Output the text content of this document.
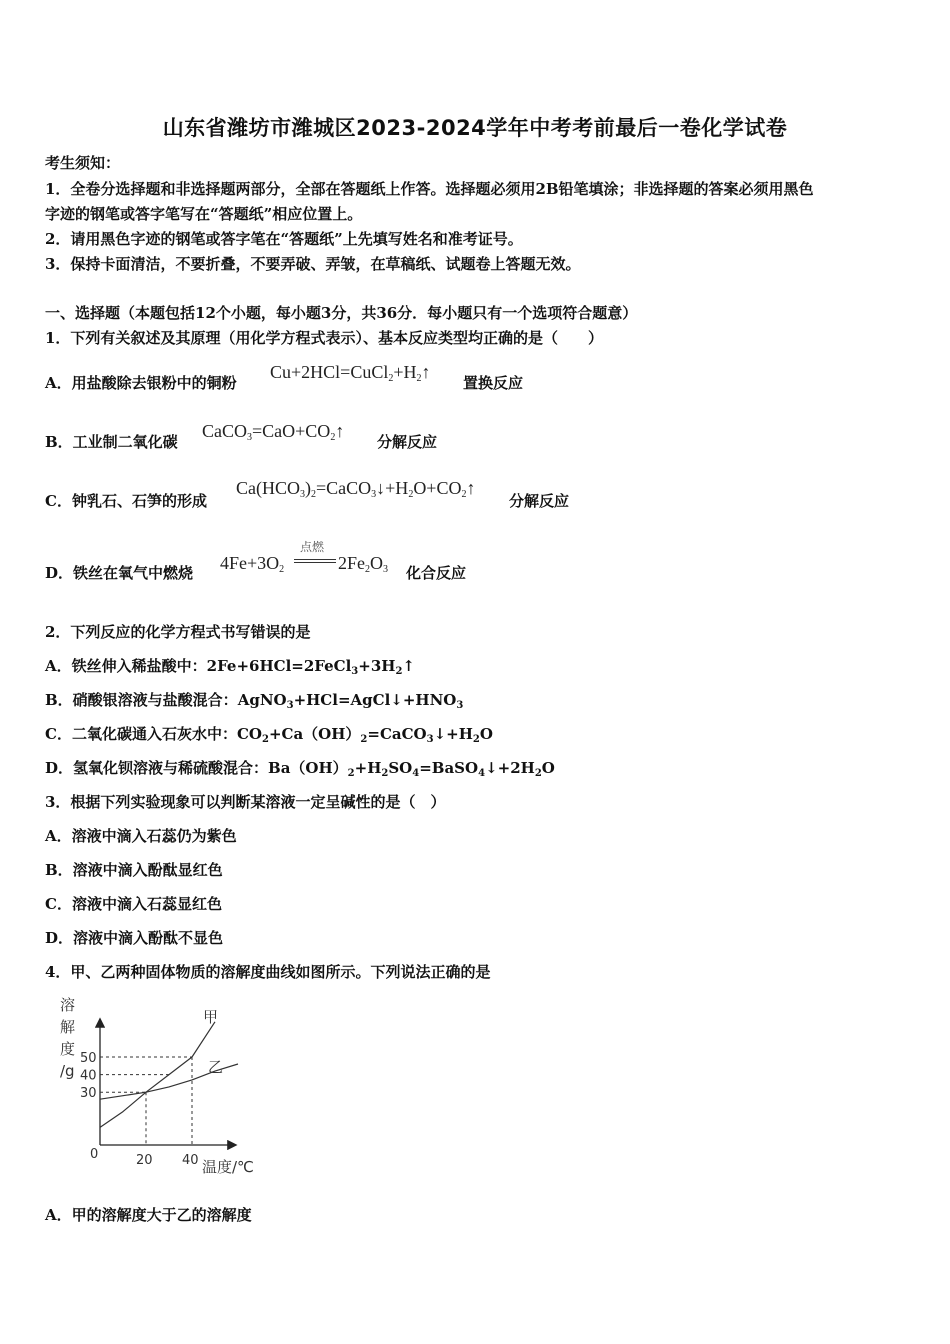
山东省潍坊市潍城区2023-2024学年中考考前最后一卷化学试卷
考生须知：
1．全卷分选择题和非选择题两部分，全部在答题纸上作答。选择题必须用2B铅笔填涂；非选择题的答案必须用黑色
字迹的钢笔或答字笔写在“答题纸”相应位置上。
2．请用黑色字迹的钢笔或答字笔在“答题纸”上先填写姓名和准考证号。
3．保持卡面清洁，不要折叠，不要弄破、弄皱，在草稿纸、试题卷上答题无效。
一、选择题（本题包括12个小题，每小题3分，共36分．每小题只有一个选项符合题意）
1．下列有关叙述及其原理（用化学方程式表示）、基本反应类型均正确的是（　　）
A．用盐酸除去银粉中的铜粉
$Cu+2HCl=CuCl_2+H_2↑$
置换反应
B．工业制二氧化碳
$CaCO_3=CaO+CO_2↑$
分解反应
C．钟乳石、石笋的形成
$Ca(HCO_3)_2=CaCO_3↓+H_2O+CO_2↑$
分解反应
D．铁丝在氧气中燃烧 $4Fe+3O_2$
点燃
$2Fe_2O_3$ 化合反应
2．下列反应的化学方程式书写错误的是
A．铁丝伸入稀盐酸中：$2Fe+6HCl=2FeCl_3+3H_2↑$
B．硝酸银溶液与盐酸混合：$AgNO_3+HCl=AgCl↓+HNO_3$
C．二氧化碳通入石灰水中：$CO_2+Ca(OH)_2=CaCO_3↓+H_2O$
D．氢氧化钡溶液与稀硫酸混合：$Ba(OH)_2+H_2SO_4=BaSO_4↓+2H_2O$
3．根据下列实验现象可以判断某溶液一定呈碱性的是（　）
A．溶液中滴入石蕊仍为紫色
B．溶液中滴入酚酞显红色
C．溶液中滴入石蕊显红色
D．溶液中滴入酚酞不显色
4．甲、乙两种固体物质的溶解度曲线如图所示。下列说法正确的是
溶
解
度
/g
温度/℃
0	20 40
50
40
30
甲
乙
A．甲的溶解度大于乙的溶解度
